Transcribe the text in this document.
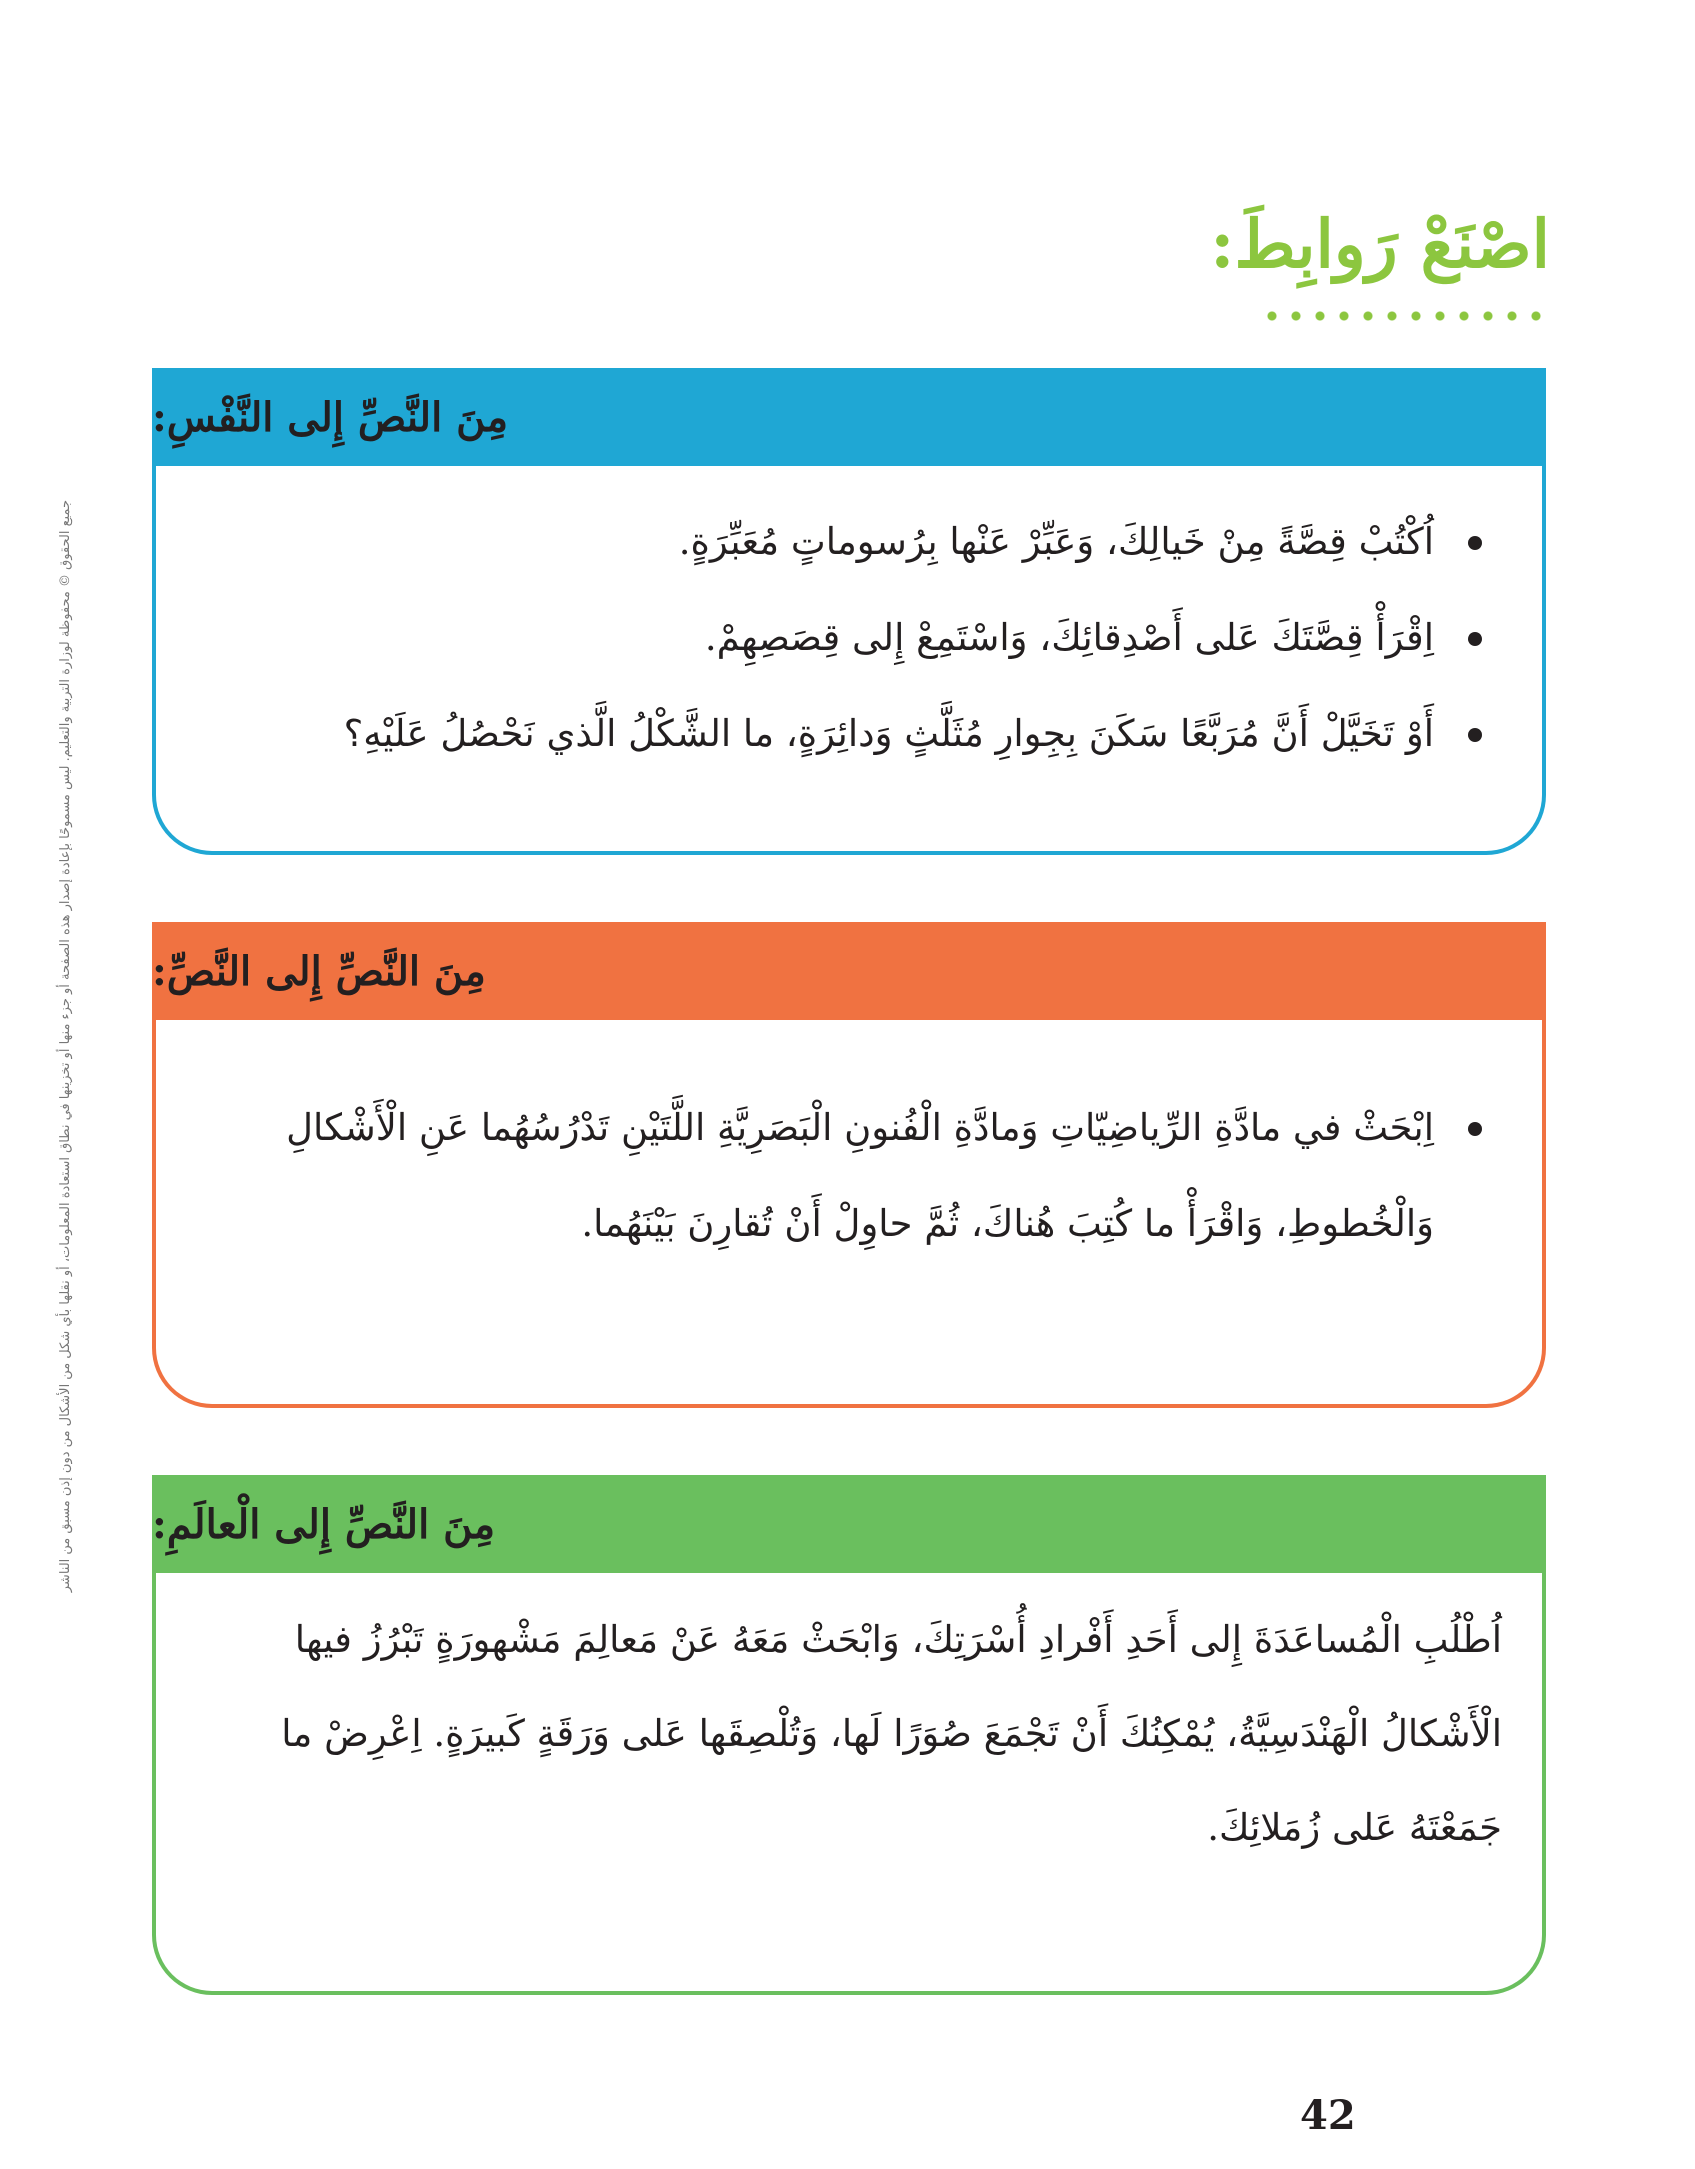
جميع الحقوق © محفوظة لوزارة التربية والتعليم. ليس مسموحًا بإعادة إصدار هذه الصفحة أو جزء منها أو تخزينها في نطاق استعادة المعلومات، أو نقلها بأي شكل من الأشكال من دون إذن مسبق من الناشر
اصْنَعْ رَوابِطَ:
مِنَ النَّصِّ إِلى النَّفْسِ:
اُكْتُبْ قِصَّةً مِنْ خَيالِكَ، وَعَبِّرْ عَنْها بِرُسوماتٍ مُعَبِّرَةٍ.
اِقْرَأْ قِصَّتَكَ عَلى أَصْدِقائِكَ، وَاسْتَمِعْ إِلى قِصَصِهِمْ.
أَوْ تَخَيَّلْ أَنَّ مُرَبَّعًا سَكَنَ بِجِوارِ مُثَلَّثٍ وَدائِرَةٍ، ما الشَّكْلُ الَّذي نَحْصُلُ عَلَيْهِ؟
مِنَ النَّصِّ إِلى النَّصِّ:
اِبْحَثْ في مادَّةِ الرِّياضِيّاتِ وَمادَّةِ الْفُنونِ الْبَصَرِيَّةِ اللَّتَيْنِ تَدْرُسُهُما عَنِ الْأَشْكالِ وَالْخُطوطِ، وَاقْرَأْ ما كُتِبَ هُناكَ، ثُمَّ حاوِلْ أَنْ تُقارِنَ بَيْنَهُما.
مِنَ النَّصِّ إِلى الْعالَمِ:

اُطْلُبِ الْمُساعَدَةَ إِلى أَحَدِ أَفْرادِ أُسْرَتِكَ، وَابْحَثْ مَعَهُ عَنْ مَعالِمَ مَشْهورَةٍ تَبْرُزُ فيها الْأَشْكالُ الْهَنْدَسِيَّةُ، يُمْكِنُكَ أَنْ تَجْمَعَ صُوَرًا لَها، وَتُلْصِقَها عَلى وَرَقَةٍ كَبيرَةٍ. اِعْرِضْ ما جَمَعْتَهُ عَلى زُمَلائِكَ.

42
